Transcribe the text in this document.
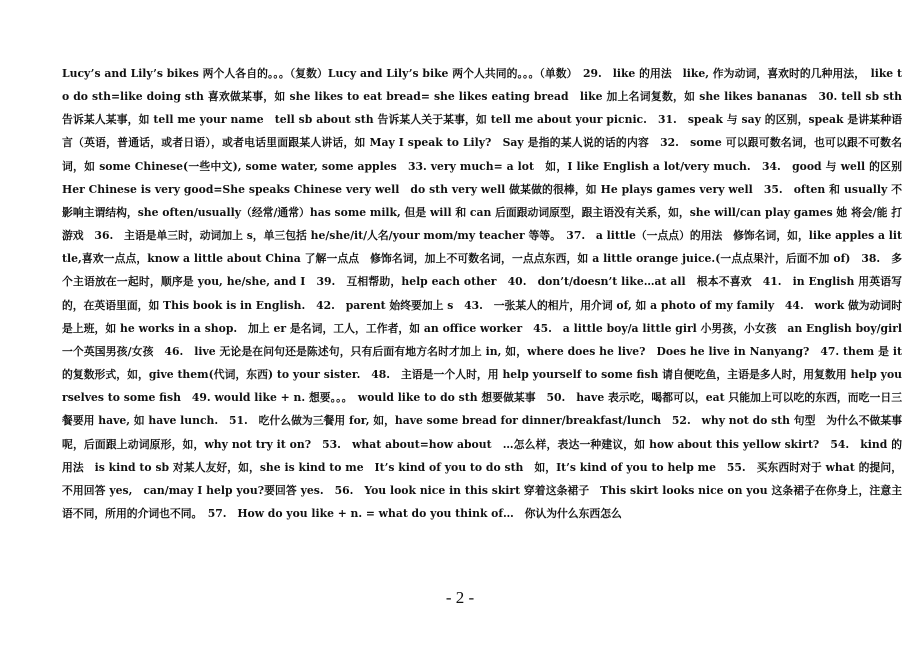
Lucy’s and Lily’s bikes 两个人各自的。。。（复数）Lucy and Lily’s bike 两个人共同的。。。（单数）　29.　like 的用法　like, 作为动词，喜欢时的几种用法，　like to do sth=like doing sth 喜欢做某事，如 she likes to eat bread= she likes eating bread　like 加上名词复数，如 she likes bananas　30. tell sb sth 告诉某人某事，如 tell me your name　tell sb about sth 告诉某人关于某事，如 tell me about your picnic.　31.　speak 与 say 的区别，speak 是讲某种语言（英语，普通话，或者日语），或者电话里面跟某人讲话，如 May I speak to Lily?　Say 是指的某人说的话的内容　32.　some 可以跟可数名词，也可以跟不可数名词，如 some Chinese(一些中文), some water, some apples　33. very much= a lot　如，I like English a lot/very much.　34.　good 与 well 的区别 Her Chinese is very good=She speaks Chinese very well　do sth very well 做某做的很棒，如 He plays games very well　35.　often 和 usually 不影响主谓结构，she often/usually（经常/通常）has some milk, 但是 will 和 can 后面跟动词原型，跟主语没有关系，如，she will/can play games 她 将会/能 打游戏　36.　主语是单三时，动词加上 s，单三包括 he/she/it/人名/your mom/my teacher 等等。　37.　a little（一点点）的用法　修饰名词，如，like apples a little,喜欢一点点，know a little about China 了解一点点　修饰名词，加上不可数名词，一点点东西，如 a little orange juice.(一点点果汁，后面不加 of)　38.　多个主语放在一起时，顺序是 you, he/she, and I　39.　互相帮助，help each other　40.　don’t/doesn’t like…at all　根本不喜欢　41.　in English 用英语写的，在英语里面，如 This book is in English.　42.　parent 始终要加上 s　43.　一张某人的相片，用介词 of, 如 a photo of my family　44.　work 做为动词时是上班，如 he works in a shop.　加上 er 是名词，工人，工作者，如 an office worker　45.　a little boy/a little girl 小男孩，小女孩　an English boy/girl 一个英国男孩/女孩　46.　live 无论是在问句还是陈述句，只有后面有地方名时才加上 in, 如，where does he live?　Does he live in Nanyang?　47. them 是 it 的复数形式，如，give them(代词，东西) to your sister.　48.　主语是一个人时，用 help yourself to some fish 请自便吃鱼，主语是多人时，用复数用 help yourselves to some fish　49. would like + n. 想要。。。　would like to do sth 想要做某事　50.　have 表示吃，喝都可以，eat 只能加上可以吃的东西，而吃一日三餐要用 have, 如 have lunch.　51.　吃什么做为三餐用 for, 如，have some bread for dinner/breakfast/lunch　52.　why not do sth 句型　为什么不做某事呢，后面跟上动词原形，如，why not try it on?　53.　what about=how about　…怎么样，表达一种建议，如 how about this yellow skirt?　54.　kind 的用法　is kind to sb 对某人友好，如，she is kind to me　It’s kind of you to do sth　如，It’s kind of you to help me　55.　买东西时对于 what 的提问，不用回答 yes,　can/may I help you?要回答 yes.　56.　You look nice in this skirt 穿着这条裙子　This skirt looks nice on you 这条裙子在你身上，注意主语不同，所用的介词也不同。　57.　How do you like + n. = what do you think of…　你认为什么东西怎么

- 2 -
